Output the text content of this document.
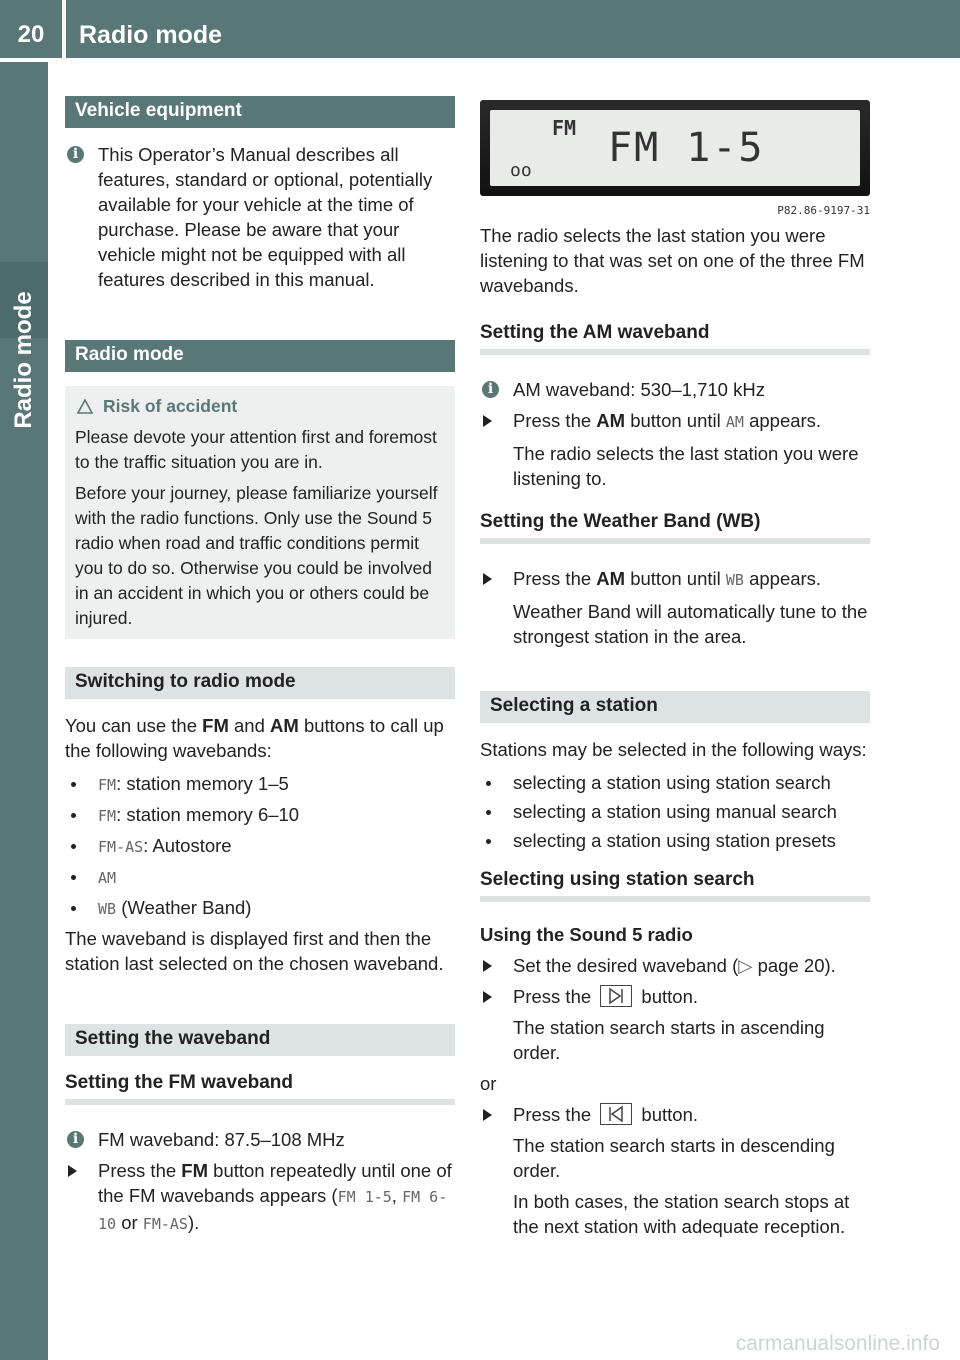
20	Radio mode
Radio mode
Vehicle equipment
i	This Operator’s Manual describes all features, standard or optional, potentially available for your vehicle at the time of purchase. Please be aware that your vehicle might not be equipped with all features described in this manual.
Radio mode
Risk of accident

Please devote your attention first and foremost to the traffic situation you are in.

Before your journey, please familiarize yourself with the radio functions. Only use the Sound 5 radio when road and traffic conditions permit you to do so. Otherwise you could be involved in an accident in which you or others could be injured.

Switching to radio mode

You can use the FM and AM buttons to call up the following wavebands:

FM: station memory 1–5
FM: station memory 6–10
FM-AS: Autostore
AM
WB (Weather Band)

The waveband is displayed first and then the station last selected on the chosen waveband.

Setting the waveband
Setting the FM waveband
i	FM waveband: 87.5–108 MHz
Press the FM button repeatedly until one of the FM wavebands appears (FM 1-5, FM 6-10 or FM-AS).
FM FM 1-5
oo
P82.86-9197-31

The radio selects the last station you were listening to that was set on one of the three FM wavebands.

Setting the AM waveband
i	AM waveband: 530–1,710 kHz
Press the AM button until AM appears.
The radio selects the last station you were listening to.
Setting the Weather Band (WB)
Press the AM button until WB appears.
Weather Band will automatically tune to the strongest station in the area.
Selecting a station

Stations may be selected in the following ways:

selecting a station using station search
selecting a station using manual search
selecting a station using station presets
Selecting using station search
Using the Sound 5 radio
Set the desired waveband (▷ page 20).
Press the  button.
The station search starts in ascending order.

or

Press the  button.
The station search starts in descending order.
In both cases, the station search stops at the next station with adequate reception.
carmanualsonline.info
